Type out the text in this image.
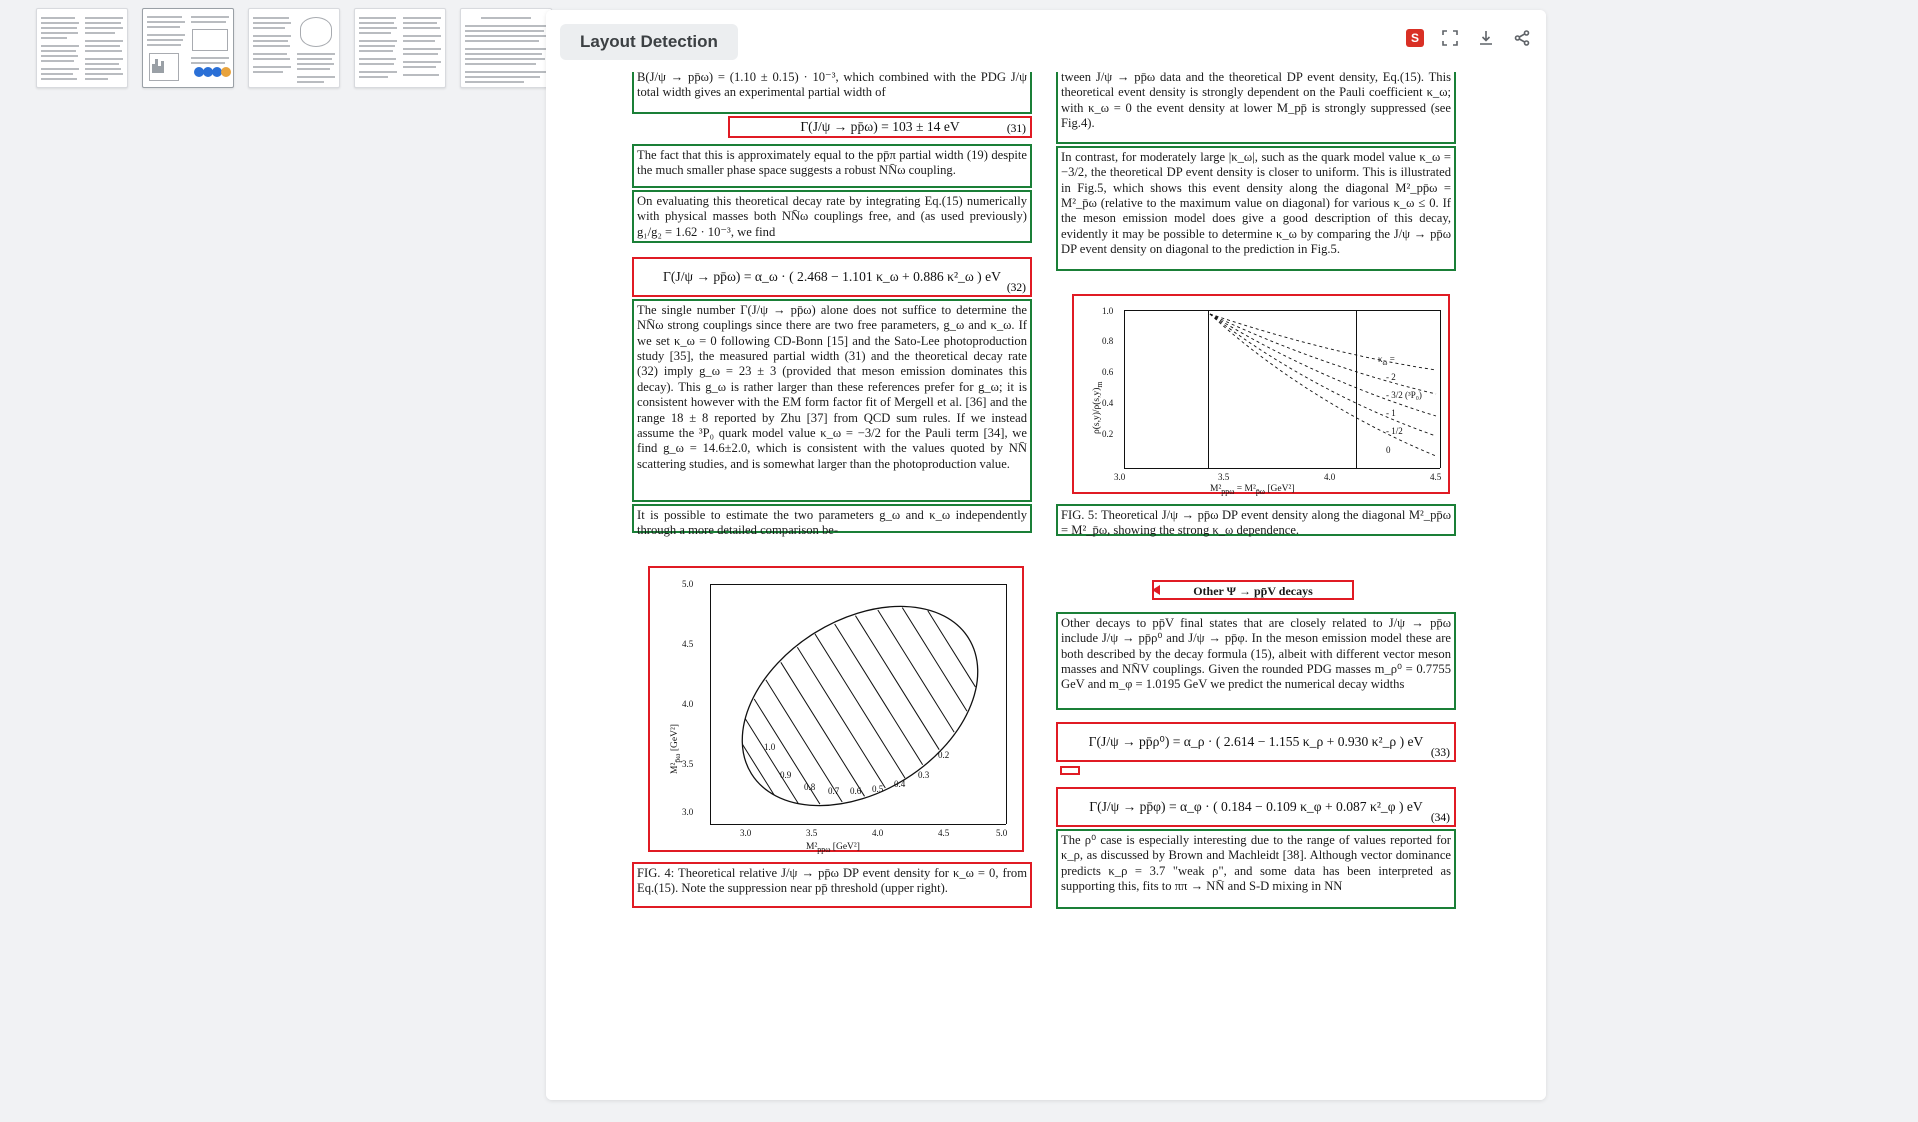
Layout Detection	S
B(J/ψ → pp̄ω) = (1.10 ± 0.15) · 10⁻³, which combined with the PDG J/ψ total width gives an experimental partial width of
Γ(J/ψ → pp̄ω) = 103 ± 14 eV	(31)
The fact that this is approximately equal to the pp̄π partial width (19) despite the much smaller phase space suggests a robust NN̄ω coupling.
On evaluating this theoretical decay rate by integrating Eq.(15) numerically with physical masses both NN̄ω couplings free, and (as used previously) g₁/g₂ = 1.62 · 10⁻³, we find
Γ(J/ψ → pp̄ω) = α_ω · ( 2.468 − 1.101 κ_ω + 0.886 κ²_ω ) eV
(32)
The single number Γ(J/ψ → pp̄ω) alone does not suffice to determine the NN̄ω strong couplings since there are two free parameters, g_ω and κ_ω. If we set κ_ω = 0 following CD-Bonn [15] and the Sato-Lee photoproduction study [35], the measured partial width (31) and the theoretical decay rate (32) imply g_ω = 23 ± 3 (provided that meson emission dominates this decay). This g_ω is rather larger than these references prefer for g_ω; it is consistent however with the EM form factor fit of Mergell et al. [36] and the range 18 ± 8 reported by Zhu [37] from QCD sum rules. If we instead assume the ³P₀ quark model value κ_ω = −3/2 for the Pauli term [34], we find g_ω = 14.6±2.0, which is consistent with the values quoted by NN̄ scattering studies, and is somewhat larger than the photoproduction value.
It is possible to estimate the two parameters g_ω and κ_ω independently through a more detailed comparison be-
5.0
4.5
4.0
3.5
3.0
3.0	3.5	4.0	4.5	5.0
$M^2_{pp\omega}$ [GeV²]
$M^2_{p̄\omega}$ [GeV²]	1.0
0.9
0.8 0.7 0.6 0.5 0.4
0.3
0.2
FIG. 4: Theoretical relative J/ψ → pp̄ω DP event density for κ_ω = 0, from Eq.(15). Note the suppression near pp̄ threshold (upper right).
tween J/ψ → pp̄ω data and the theoretical DP event density, Eq.(15). This theoretical event density is strongly dependent on the Pauli coefficient κ_ω; with κ_ω = 0 the event density at lower M_pp̄ is strongly suppressed (see Fig.4).
In contrast, for moderately large |κ_ω|, such as the quark model value κ_ω = −3/2, the theoretical DP event density is closer to uniform. This is illustrated in Fig.5, which shows this event density along the diagonal M²_pp̄ω = M²_p̄ω (relative to the maximum value on diagonal) for various κ_ω ≤ 0. If the meson emission model does give a good description of this decay, evidently it may be possible to determine κ_ω by comparing the J/ψ → pp̄ω DP event density on diagonal to the prediction in Fig.5.
1.0
0.8
0.6
0.4
0.2
3.0	3.5	4.0	4.5
$M^2_{pp\omega} = M^2_{p̄\omega}$ [GeV²]
$\rho(s,y)/\rho(s,y)_m$
$\kappa_\omega$ =
- 2
- 3/2 (³P₀)
- 1
- 1/2
0
FIG. 5: Theoretical J/ψ → pp̄ω DP event density along the diagonal M²_pp̄ω = M²_p̄ω, showing the strong κ_ω dependence.
Other Ψ → pp̄V decays
Other decays to pp̄V final states that are closely related to J/ψ → pp̄ω include J/ψ → pp̄ρ⁰ and J/ψ → pp̄φ. In the meson emission model these are both described by the decay formula (15), albeit with different vector meson masses and NN̄V couplings. Given the rounded PDG masses m_ρ⁰ = 0.7755 GeV and m_φ = 1.0195 GeV we predict the numerical decay widths
Γ(J/ψ → pp̄ρ⁰) = α_ρ · ( 2.614 − 1.155 κ_ρ + 0.930 κ²_ρ ) eV
(33)
Γ(J/ψ → pp̄φ) = α_φ · ( 0.184 − 0.109 κ_φ + 0.087 κ²_φ ) eV
(34)
The ρ⁰ case is especially interesting due to the range of values reported for κ_ρ, as discussed by Brown and Machleidt [38]. Although vector dominance predicts κ_ρ = 3.7 "weak ρ", and some data has been interpreted as supporting this, fits to ππ → NN̄ and S-D mixing in NN
